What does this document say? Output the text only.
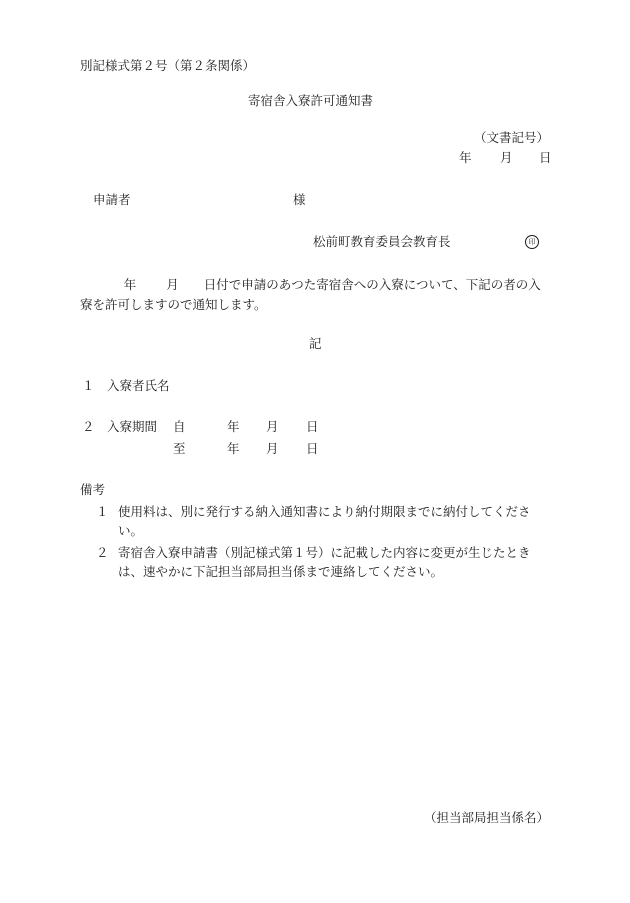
別記様式第２号（第２条関係）
寄宿舎入寮許可通知書
（文書記号）
年 月 日
申請者	様
松前町教育委員会教育長	印
年 月 日付で申請のあつた寄宿舎への入寮について、下記の者の入寮を許可しますので通知します。
記
１ 入寮者氏名
２ 入寮期間 自	年 月 日
至	年 月 日
備考
１ 使用料は、別に発行する納入通知書により納付期限までに納付してください。
２ 寄宿舎入寮申請書（別記様式第１号）に記載した内容に変更が生じたときは、速やかに下記担当部局担当係まで連絡してください。
（担当部局担当係名）
